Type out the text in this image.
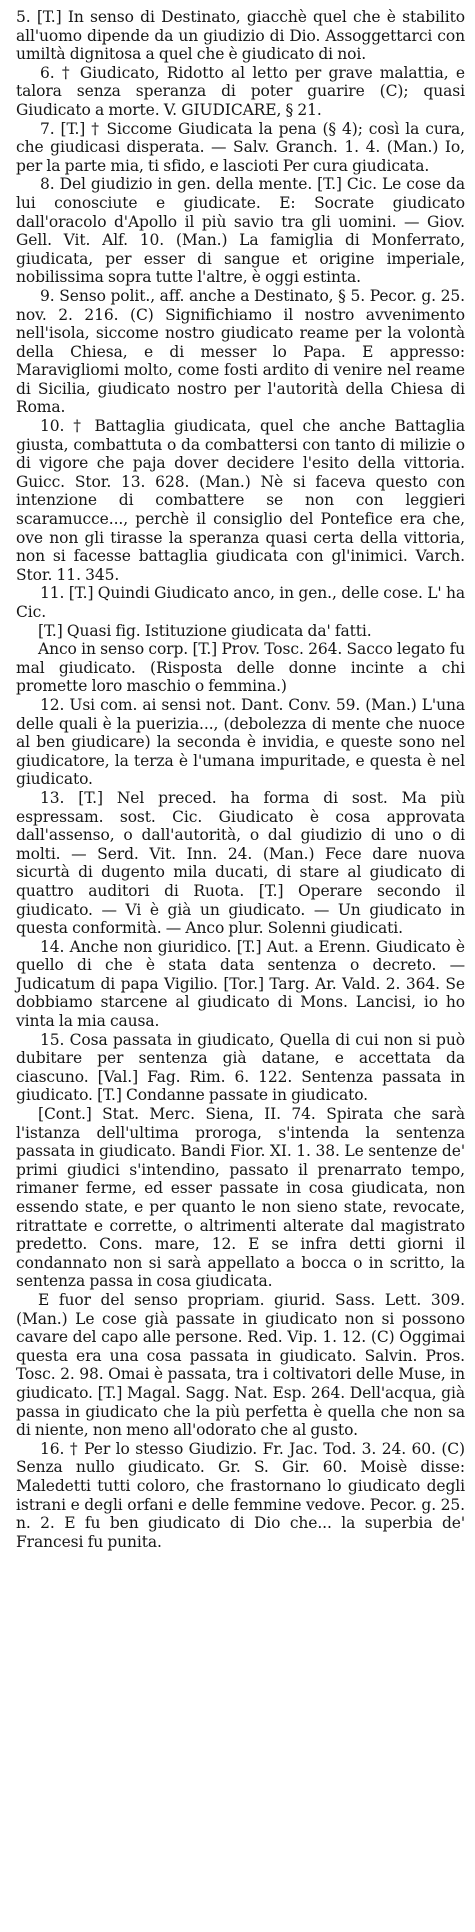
5. [T.] In senso di Destinato, giacchè quel che è stabilito all'uomo dipende da un giudizio di Dio. Assoggettarci con umiltà dignitosa a quel che è giudicato di noi.

6. † Giudicato, Ridotto al letto per grave malattia, e talora senza speranza di poter guarire (C); quasi Giudicato a morte. V. GIUDICARE, § 21.

7. [T.] † Siccome Giudicata la pena (§ 4); così la cura, che giudicasi disperata. — Salv. Granch. 1. 4. (Man.) Io, per la parte mia, ti sfido, e lascioti Per cura giudicata.

8. Del giudizio in gen. della mente. [T.] Cic. Le cose da lui conosciute e giudicate. E: Socrate giudicato dall'oracolo d'Apollo il più savio tra gli uomini. — Giov. Gell. Vit. Alf. 10. (Man.) La famiglia di Monferrato, giudicata, per esser di sangue et origine imperiale, nobilissima sopra tutte l'altre, è oggi estinta.

9. Senso polit., aff. anche a Destinato, § 5. Pecor. g. 25. nov. 2. 216. (C) Significhiamo il nostro avvenimento nell'isola, siccome nostro giudicato reame per la volontà della Chiesa, e di messer lo Papa. E appresso: Maravigliomi molto, come fosti ardito di venire nel reame di Sicilia, giudicato nostro per l'autorità della Chiesa di Roma.

10. † Battaglia giudicata, quel che anche Battaglia giusta, combattuta o da combattersi con tanto di milizie o di vigore che paja dover decidere l'esito della vittoria. Guicc. Stor. 13. 628. (Man.) Nè si faceva questo con intenzione di combattere se non con leggieri scaramucce..., perchè il consiglio del Pontefice era che, ove non gli tirasse la speranza quasi certa della vittoria, non si facesse battaglia giudicata con gl'inimici. Varch. Stor. 11. 345.

11. [T.] Quindi Giudicato anco, in gen., delle cose. L' ha Cic.

[T.] Quasi fig. Istituzione giudicata da' fatti.

Anco in senso corp. [T.] Prov. Tosc. 264. Sacco legato fu mal giudicato. (Risposta delle donne incinte a chi promette loro maschio o femmina.)

12. Usi com. ai sensi not. Dant. Conv. 59. (Man.) L'una delle quali è la puerizia..., (debolezza di mente che nuoce al ben giudicare) la seconda è invidia, e queste sono nel giudicatore, la terza è l'umana impuritade, e questa è nel giudicato.

13. [T.] Nel preced. ha forma di sost. Ma più espressam. sost. Cic. Giudicato è cosa approvata dall'assenso, o dall'autorità, o dal giudizio di uno o di molti. — Serd. Vit. Inn. 24. (Man.) Fece dare nuova sicurtà di dugento mila ducati, di stare al giudicato di quattro auditori di Ruota. [T.] Operare secondo il giudicato. — Vi è già un giudicato. — Un giudicato in questa conformità. — Anco plur. Solenni giudicati.

14. Anche non giuridico. [T.] Aut. a Erenn. Giudicato è quello di che è stata data sentenza o decreto. — Judicatum di papa Vigilio. [Tor.] Targ. Ar. Vald. 2. 364. Se dobbiamo starcene al giudicato di Mons. Lancisi, io ho vinta la mia causa.

15. Cosa passata in giudicato, Quella di cui non si può dubitare per sentenza già datane, e accettata da ciascuno. [Val.] Fag. Rim. 6. 122. Sentenza passata in giudicato. [T.] Condanne passate in giudicato.

[Cont.] Stat. Merc. Siena, II. 74. Spirata che sarà l'istanza dell'ultima proroga, s'intenda la sentenza passata in giudicato. Bandi Fior. XI. 1. 38. Le sentenze de' primi giudici s'intendino, passato il prenarrato tempo, rimaner ferme, ed esser passate in cosa giudicata, non essendo state, e per quanto le non sieno state, revocate, ritrattate e corrette, o altrimenti alterate dal magistrato predetto. Cons. mare, 12. E se infra detti giorni il condannato non si sarà appellato a bocca o in scritto, la sentenza passa in cosa giudicata.

E fuor del senso propriam. giurid. Sass. Lett. 309. (Man.) Le cose già passate in giudicato non si possono cavare del capo alle persone. Red. Vip. 1. 12. (C) Oggimai questa era una cosa passata in giudicato. Salvin. Pros. Tosc. 2. 98. Omai è passata, tra i coltivatori delle Muse, in giudicato. [T.] Magal. Sagg. Nat. Esp. 264. Dell'acqua, già passa in giudicato che la più perfetta è quella che non sa di niente, non meno all'odorato che al gusto.

16. † Per lo stesso Giudizio. Fr. Jac. Tod. 3. 24. 60. (C) Senza nullo giudicato. Gr. S. Gir. 60. Moisè disse: Maledetti tutti coloro, che frastornano lo giudicato degli istrani e degli orfani e delle femmine vedove. Pecor. g. 25. n. 2. E fu ben giudicato di Dio che... la superbia de' Francesi fu punita.
